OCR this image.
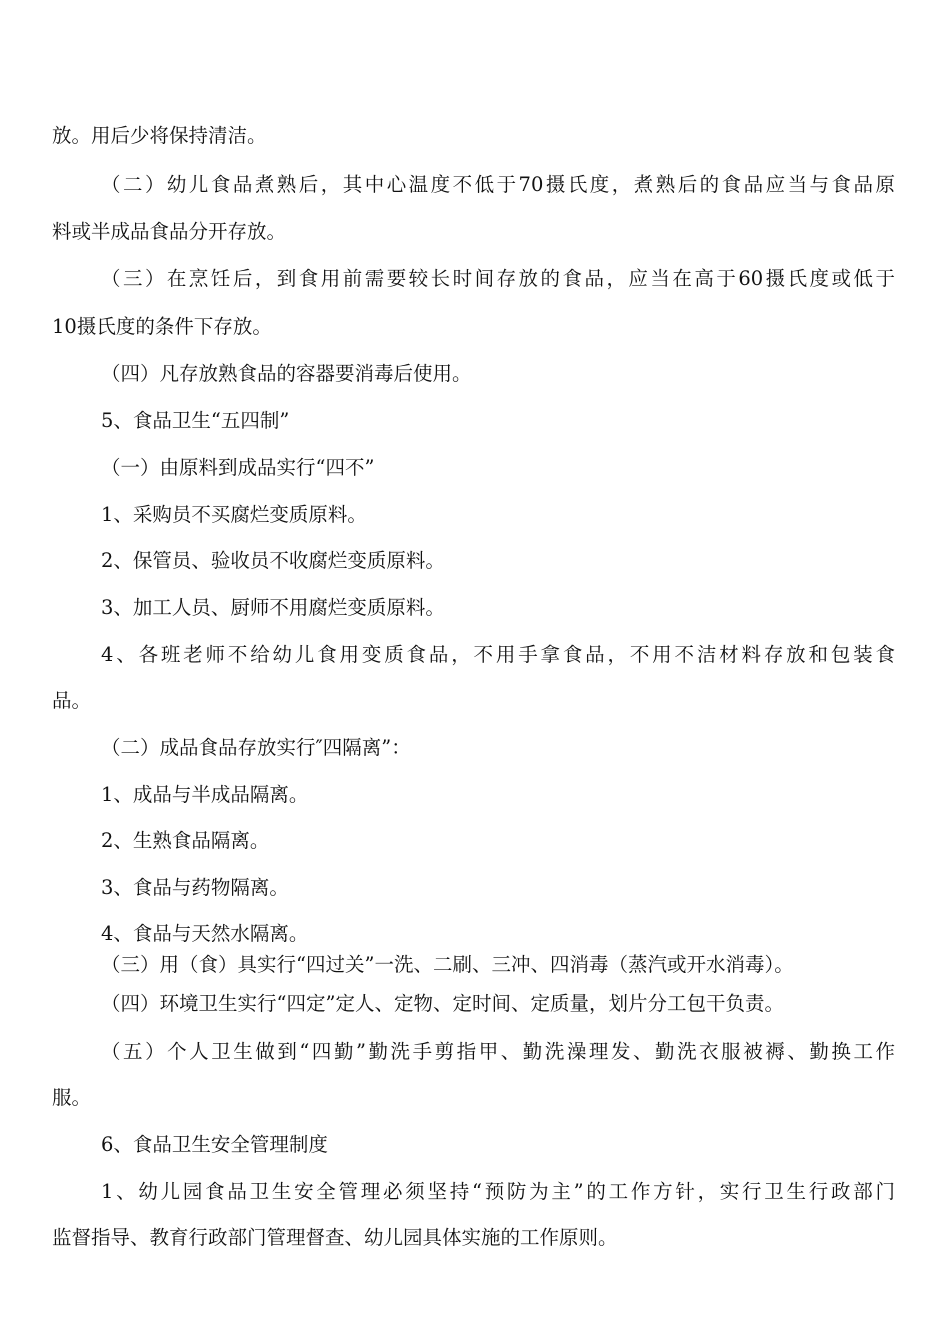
放。用后少将保持清洁。
（二）幼儿食品煮熟后，其中心温度不低于70摄氏度，煮熟后的食品应当与食品原
料或半成品食品分开存放。
（三）在烹饪后，到食用前需要较长时间存放的食品，应当在高于60摄氏度或低于
10摄氏度的条件下存放。
（四）凡存放熟食品的容器要消毒后使用。
5、食品卫生“五四制”
（一）由原料到成品实行“四不”
1、采购员不买腐烂变质原料。
2、保管员、验收员不收腐烂变质原料。
3、加工人员、厨师不用腐烂变质原料。
4、各班老师不给幼儿食用变质食品，不用手拿食品，不用不洁材料存放和包装食
品。
（二）成品食品存放实行″四隔离”：
1、成品与半成品隔离。
2、生熟食品隔离。
3、食品与药物隔离。
4、食品与天然水隔离。
（三）用（食）具实行“四过关”一洗、二刷、三冲、四消毒（蒸汽或开水消毒）。
（四）环境卫生实行“四定”定人、定物、定时间、定质量，划片分工包干负责。
（五）个人卫生做到“四勤”勤洗手剪指甲、勤洗澡理发、勤洗衣服被褥、勤换工作
服。
6、食品卫生安全管理制度
1、幼儿园食品卫生安全管理必须坚持“预防为主”的工作方针，实行卫生行政部门
监督指导、教育行政部门管理督查、幼儿园具体实施的工作原则。
